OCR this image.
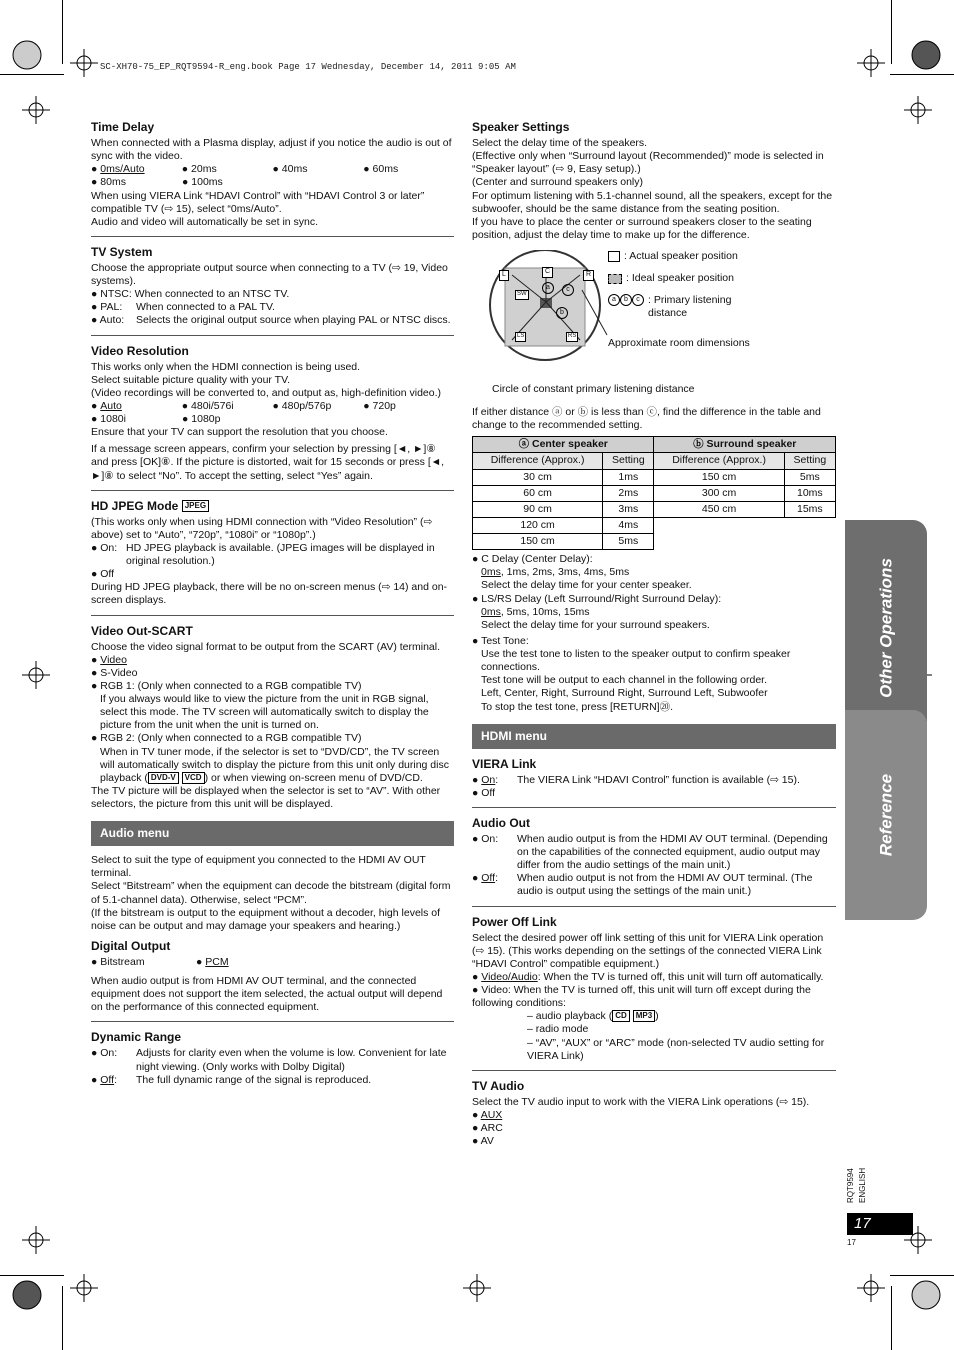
SC-XH70-75_EP_RQT9594-R_eng.book Page 17 Wednesday, December 14, 2011 9:05 AM
Time Delay

When connected with a Plasma display, adjust if you notice the audio is out of sync with the video.

● 0ms/Auto	● 20ms	● 40ms	● 60ms
● 80ms	● 100ms

When using VIERA Link “HDAVI Control” with “HDAVI Control 3 or later” compatible TV (⇨ 15), select “0ms/Auto”.

Audio and video will automatically be set in sync.

TV System

Choose the appropriate output source when connecting to a TV (⇨ 19, Video systems).

● NTSC: When connected to an NTSC TV.

● PAL:	When connected to a PAL TV.
● Auto:	Selects the original output source when playing PAL or NTSC discs.
Video Resolution

This works only when the HDMI connection is being used.

Select suitable picture quality with your TV.

(Video recordings will be converted to, and output as, high-definition video.)

● Auto	● 480i/576i	● 480p/576p	● 720p
● 1080i	● 1080p

Ensure that your TV can support the resolution that you choose.

If a message screen appears, confirm your selection by pressing [◄, ►]⑧ and press [OK]⑧. If the picture is distorted, wait for 15 seconds or press [◄, ►]⑧ to select “No”. To accept the setting, select “Yes” again.

HD JPEG Mode JPEG

(This works only when using HDMI connection with “Video Resolution” (⇨ above) set to “Auto”, “720p”, “1080i” or “1080p”.)

● On: HD JPEG playback is available. (JPEG images will be displayed in original resolution.)

● Off

During HD JPEG playback, there will be no on-screen menus (⇨ 14) and on-screen displays.

Video Out-SCART

Choose the video signal format to be output from the SCART (AV) terminal.

● Video

● S-Video

● RGB 1: (Only when connected to a RGB compatible TV)

If you always would like to view the picture from the unit in RGB signal, select this mode. The TV screen will automatically switch to display the picture from the unit when the unit is turned on.

● RGB 2: (Only when connected to a RGB compatible TV)

When in TV tuner mode, if the selector is set to “DVD/CD”, the TV screen will automatically switch to display the picture from this unit only during disc playback ( DVD-V VCD ) or when viewing on-screen menu of DVD/CD.

The TV picture will be displayed when the selector is set to “AV”. With other selectors, the picture from this unit will be displayed.

Audio menu

Select to suit the type of equipment you connected to the HDMI AV OUT terminal.

Select “Bitstream” when the equipment can decode the bitstream (digital form of 5.1-channel data). Otherwise, select “PCM”.

(If the bitstream is output to the equipment without a decoder, high levels of noise can be output and may damage your speakers and hearing.)

Digital Output
● Bitstream	● PCM

When audio output is from HDMI AV OUT terminal, and the connected equipment does not support the item selected, the actual output will depend on the performance of this connected equipment.

Dynamic Range
● On:	Adjusts for clarity even when the volume is low. Convenient for late night viewing. (Only works with Dolby Digital)
● Off:	The full dynamic range of the signal is reproduced.
Speaker Settings

Select the delay time of the speakers.

(Effective only when “Surround layout (Recommended)” mode is selected in “Speaker layout” (⇨ 9, Easy setup).)

(Center and surround speakers only)

For optimum listening with 5.1-channel sound, all the speakers, except for the subwoofer, should be the same distance from the seating position.

If you have to place the center or surround speakers closer to the seating position, adjust the delay time to make up for the difference.

L	C	R
SW
LS	RS
a
b
c
: Actual speaker position
: Ideal speaker position
a b c : Primary listening distance
Approximate room dimensions
Circle of constant primary listening distance

If either distance ⓐ or ⓑ is less than ⓒ, find the difference in the table and change to the recommended setting.

ⓐ Center speaker		ⓑ Surround speaker	
Difference (Approx.)	Setting	Difference (Approx.)	Setting
30 cm	1ms	150 cm	5ms
60 cm	2ms	300 cm	10ms
90 cm	3ms	450 cm	15ms
120 cm	4ms		
150 cm	5ms		

● C Delay (Center Delay):

0ms, 1ms, 2ms, 3ms, 4ms, 5ms

Select the delay time for your center speaker.

● LS/RS Delay (Left Surround/Right Surround Delay):

0ms, 5ms, 10ms, 15ms

Select the delay time for your surround speakers.

● Test Tone:

Use the test tone to listen to the speaker output to confirm speaker connections.

Test tone will be output to each channel in the following order.

Left, Center, Right, Surround Right, Surround Left, Subwoofer

To stop the test tone, press [RETURN]⑳.

HDMI menu
VIERA Link
● On:	The VIERA Link “HDAVI Control” function is available (⇨ 15).

● Off

Audio Out
● On:	When audio output is from the HDMI AV OUT terminal. (Depending on the capabilities of the connected equipment, audio output may differ from the audio settings of the main unit.)
● Off:	When audio output is not from the HDMI AV OUT terminal. (The audio is output using the settings of the main unit.)
Power Off Link

Select the desired power off link setting of this unit for VIERA Link operation (⇨ 15). (This works depending on the settings of the connected VIERA Link “HDAVI Control” compatible equipment.)

● Video/Audio: When the TV is turned off, this unit will turn off automatically.

● Video: When the TV is turned off, this unit will turn off except during the following conditions:

– audio playback ( CD MP3 )

– radio mode

– “AV”, “AUX” or “ARC” mode (non-selected TV audio setting for VIERA Link)

TV Audio

Select the TV audio input to work with the VIERA Link operations (⇨ 15).

● AUX

● ARC

● AV

Other Operations
Reference
RQT9594 ENGLISH
17
17
